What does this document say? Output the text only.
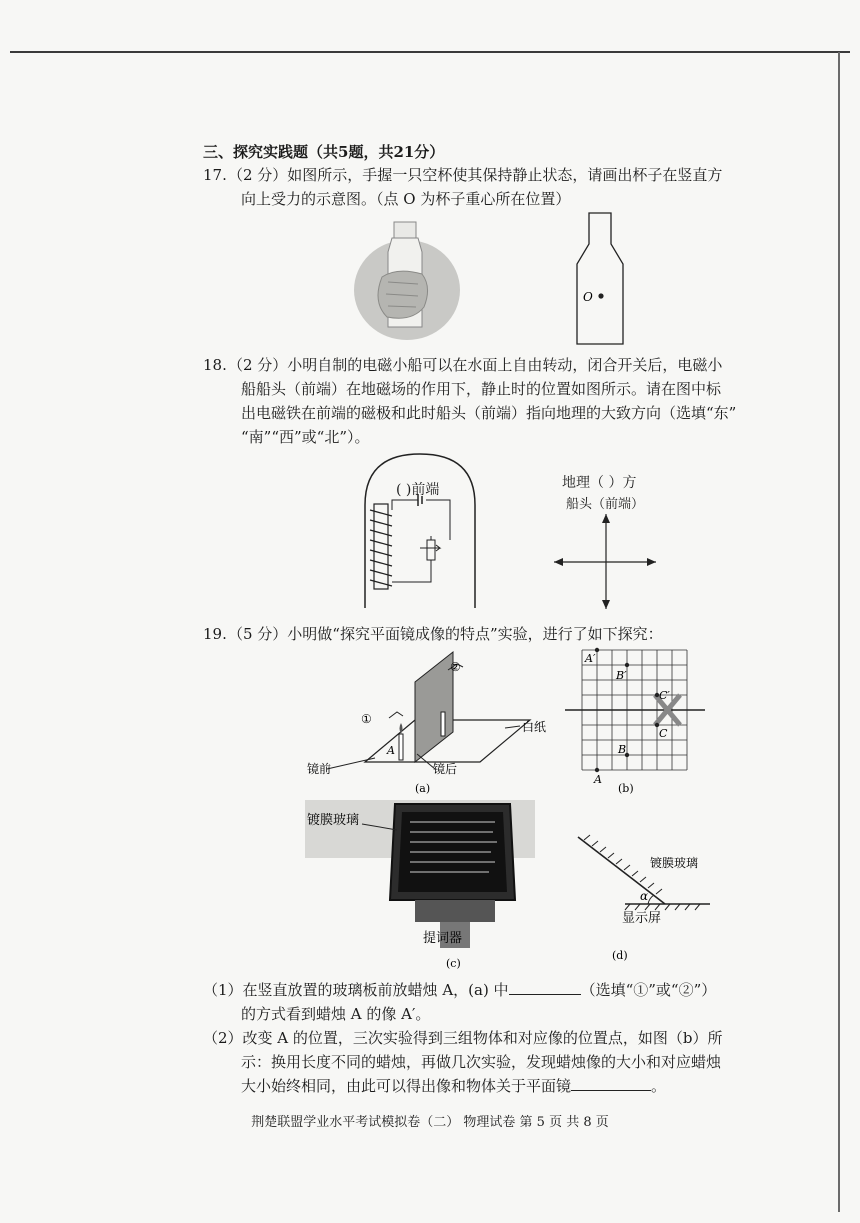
三、探究实践题（共5题，共21分）
17. （2 分）如图所示，手握一只空杯使其保持静止状态，请画出杯子在竖直方
向上受力的示意图。（点 O 为杯子重心所在位置）
O
18. （2 分）小明自制的电磁小船可以在水面上自由转动，闭合开关后，电磁小
船船头（前端）在地磁场的作用下，静止时的位置如图所示。请在图中标
出电磁铁在前端的磁极和此时船头（前端）指向地理的大致方向（选填“东”
“南”“西”或“北”）。
( )前端	地理（ ）方
船头（前端）
19. （5 分）小明做“探究平面镜成像的特点”实验，进行了如下探究：
①
②
白纸
A
镜前	镜后
(a)
A′
B′
C′
C
B
A
(b)
镀膜玻璃
提词器
(c)
镀膜玻璃
α
显示屏
(d)
（1）在竖直放置的玻璃板前放蜡烛 A，(a) 中	（选填“①”或“②”）
的方式看到蜡烛 A 的像 A′。
（2）改变 A 的位置，三次实验得到三组物体和对应像的位置点，如图（b）所
示：换用长度不同的蜡烛，再做几次实验，发现蜡烛像的大小和对应蜡烛
大小始终相同，由此可以得出像和物体关于平面镜	。
荆楚联盟学业水平考试模拟卷（二） 物理试卷 第 5 页 共 8 页
